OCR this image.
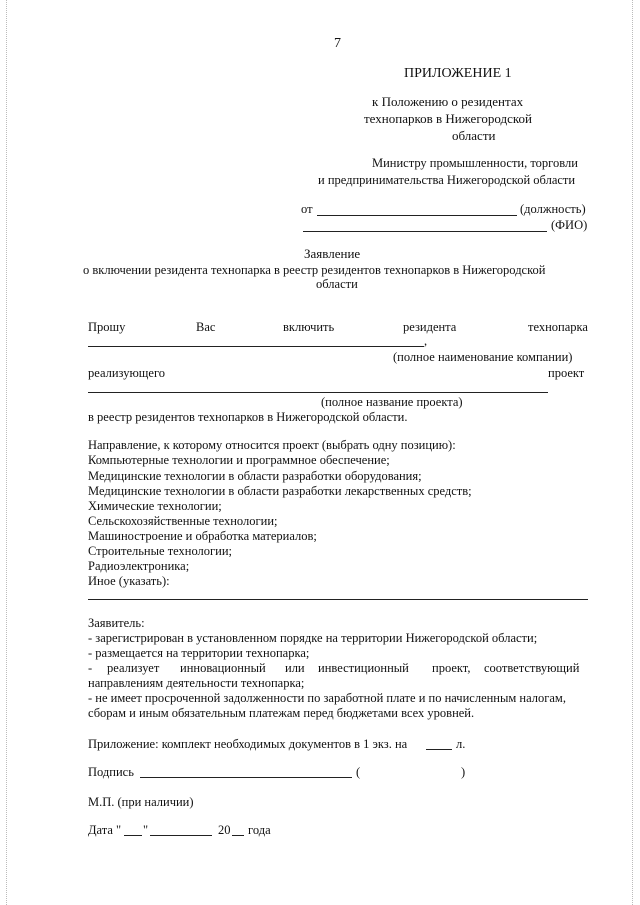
7
ПРИЛОЖЕНИЕ 1
к Положению о резидентах
технопарков в Нижегородской
области
Министру промышленности, торговли
и предпринимательства Нижегородской области
от	(должность)
(ФИО)
Заявление
о включении резидента технопарка в реестр резидентов технопарков в Нижегородской
области
Прошу	Вас	включить	резидента	технопарка
,
(полное наименование компании)
реализующего	проект
(полное название проекта)
в реестр резидентов технопарков в Нижегородской области.
Направление, к которому относится проект (выбрать одну позицию):
Компьютерные технологии и программное обеспечение;
Медицинские технологии в области разработки оборудования;
Медицинские технологии в области разработки лекарственных средств;
Химические технологии;
Сельскохозяйственные технологии;
Машиностроение и обработка материалов;
Строительные технологии;
Радиоэлектроника;
Иное (указать):
Заявитель:
- зарегистрирован в установленном порядке на территории Нижегородской области;
- размещается на территории технопарка;
- реализует инновационный или инвестиционный проект, соответствующий
направлениям деятельности технопарка;
- не имеет просроченной задолженности по заработной плате и по начисленным налогам,
сборам и иным обязательным платежам перед бюджетами всех уровней.
Приложение: комплект необходимых документов в 1 экз. на	л.
Подпись	(	)
М.П. (при наличии)
Дата " "	20 года
